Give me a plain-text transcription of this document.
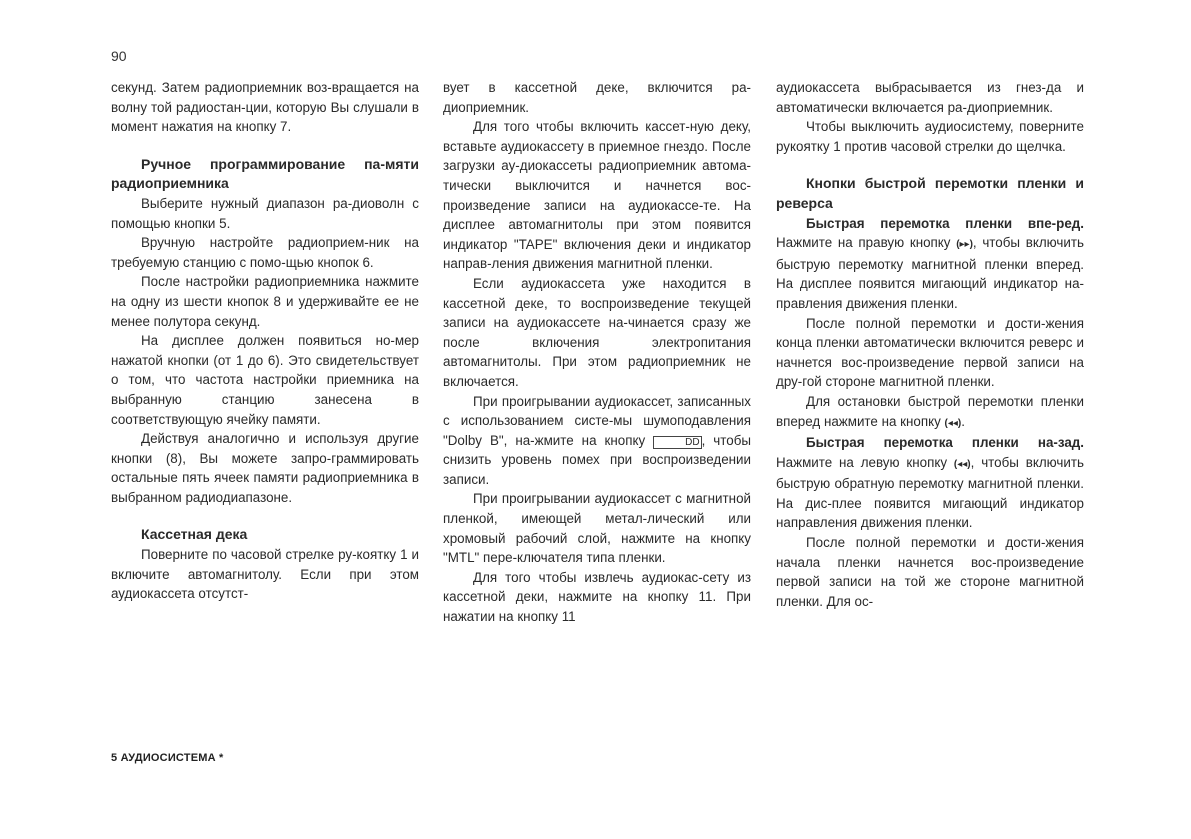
90

секунд. Затем радиоприемник воз-вращается на волну той радиостан-ции, которую Вы слушали в момент нажатия на кнопку 7.

Ручное программирование па-мяти радиоприемника

Выберите нужный диапазон ра-диоволн с помощью кнопки 5.

Вручную настройте радиоприем-ник на требуемую станцию с помо-щью кнопок 6.

После настройки радиоприемника нажмите на одну из шести кнопок 8 и удерживайте ее не менее полутора секунд.

На дисплее должен появиться но-мер нажатой кнопки (от 1 до 6). Это свидетельствует о том, что частота настройки приемника на выбранную станцию занесена в соответствующую ячейку памяти.

Действуя аналогично и используя другие кнопки (8), Вы можете запро-граммировать остальные пять ячеек памяти радиоприемника в выбранном радиодиапазоне.

Кассетная дека

Поверните по часовой стрелке ру-коятку 1 и включите автомагнитолу. Если при этом аудиокассета отсутст-

вует в кассетной деке, включится ра-диоприемник.

Для того чтобы включить кассет-ную деку, вставьте аудиокассету в приемное гнездо. После загрузки ау-диокассеты радиоприемник автома-тически выключится и начнется вос-произведение записи на аудиокассе-те. На дисплее автомагнитолы при этом появится индикатор "TAPE" включения деки и индикатор направ-ления движения магнитной пленки.

Если аудиокассета уже находится в кассетной деке, то воспроизведение текущей записи на аудиокассете на-чинается сразу же после включения электропитания автомагнитолы. При этом радиоприемник не включается.

При проигрывании аудиокассет, записанных с использованием систе-мы шумоподавления "Dolby B", на-жмите на кнопку	DD , чтобы снизить уровень помех при воспроизведении записи.

При проигрывании аудиокассет с магнитной пленкой, имеющей метал-лический или хромовый рабочий слой, нажмите на кнопку "MTL" пере-ключателя типа пленки.

Для того чтобы извлечь аудиокас-сету из кассетной деки, нажмите на кнопку 11. При нажатии на кнопку 11

аудиокассета выбрасывается из гнез-да и автоматически включается ра-диоприемник.

Чтобы выключить аудиосистему, поверните рукоятку 1 против часовой стрелки до щелчка.

Кнопки быстрой перемотки пленки и реверса

Быстрая перемотка пленки впе-ред. Нажмите на правую кнопку (▸▸), чтобы включить быструю перемотку магнитной пленки вперед. На дисплее появится мигающий индикатор на-правления движения пленки.

После полной перемотки и дости-жения конца пленки автоматически включится реверс и начнется вос-произведение первой записи на дру-гой стороне магнитной пленки.

Для остановки быстрой перемотки пленки вперед нажмите на кнопку (◂◂).

Быстрая перемотка пленки на-зад. Нажмите на левую кнопку (◂◂), чтобы включить быструю обратную перемотку магнитной пленки. На дис-плее появится мигающий индикатор направления движения пленки.

После полной перемотки и дости-жения начала пленки начнется вос-произведение первой записи на той же стороне магнитной пленки. Для ос-

5 АУДИОСИСТЕМА *
